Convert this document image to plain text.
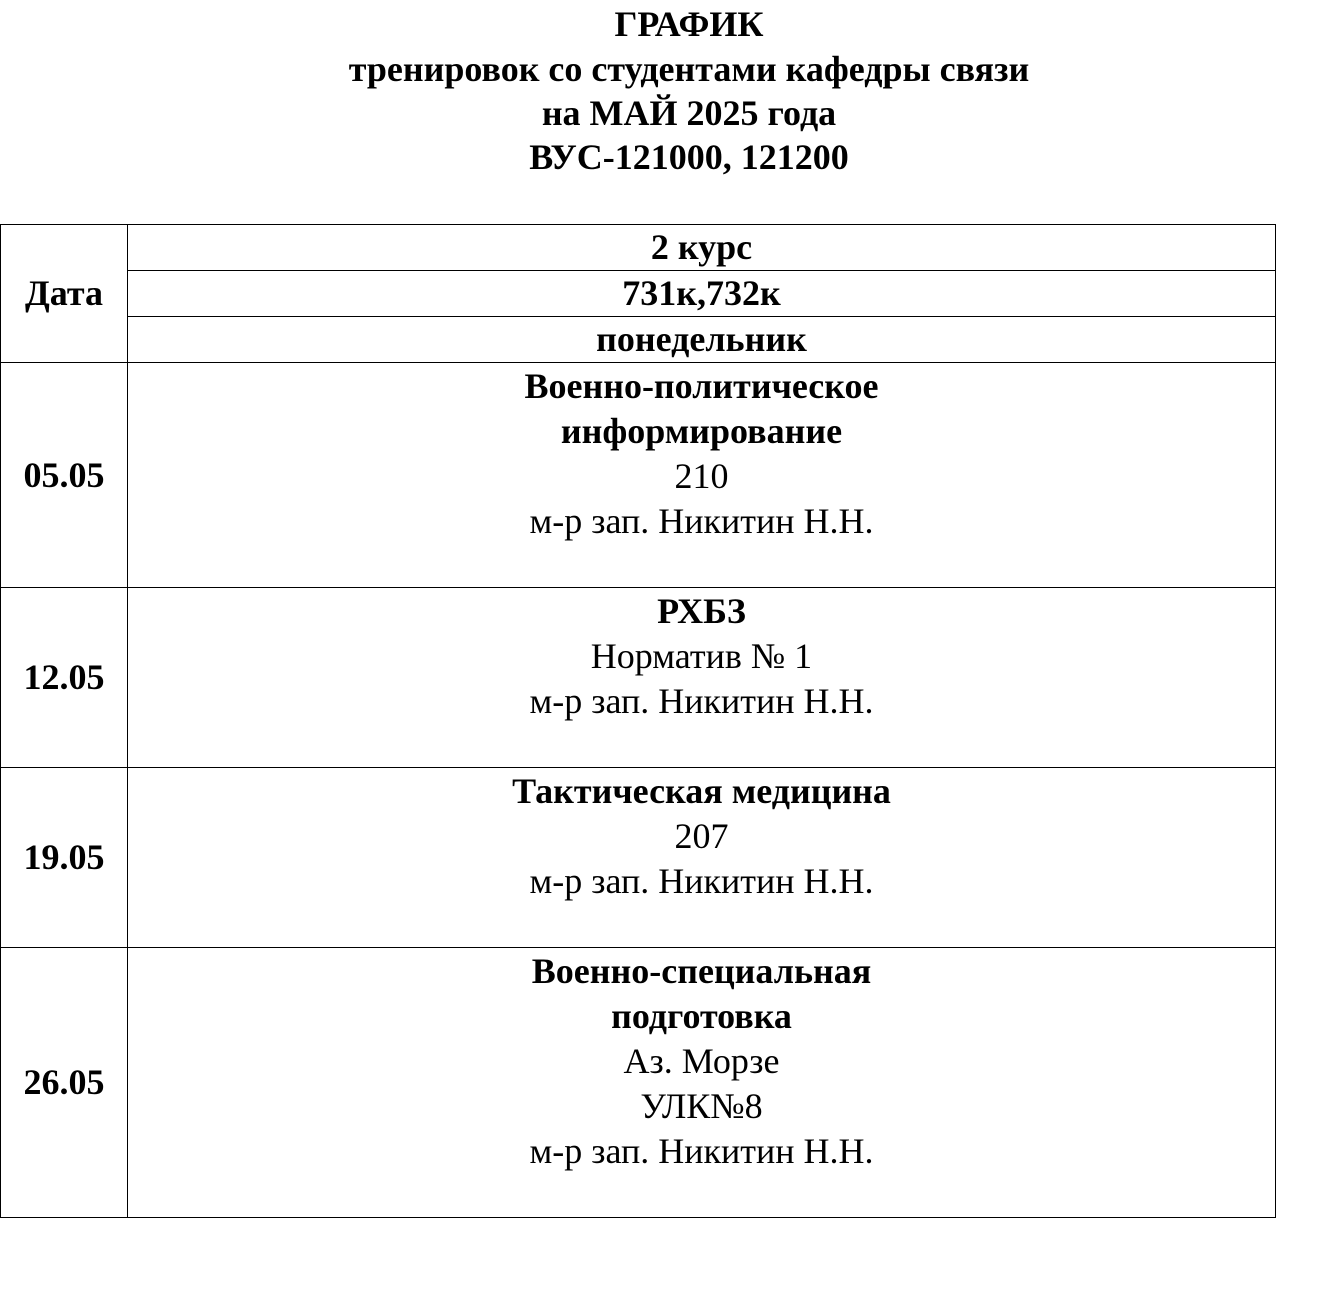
ГРАФИК
тренировок со студентами кафедры связи
на МАЙ 2025 года
ВУС-121000, 121200
Дата
2 курс
731к,732к
понедельник
05.05
Военно-политическое
информирование
210
м-р зап. Никитин Н.Н.
12.05
РХБЗ
Норматив № 1
м-р зап. Никитин Н.Н.
19.05
Тактическая медицина
207
м-р зап. Никитин Н.Н.
26.05
Военно-специальная
подготовка
Аз. Морзе
УЛК№8
м-р зап. Никитин Н.Н.
